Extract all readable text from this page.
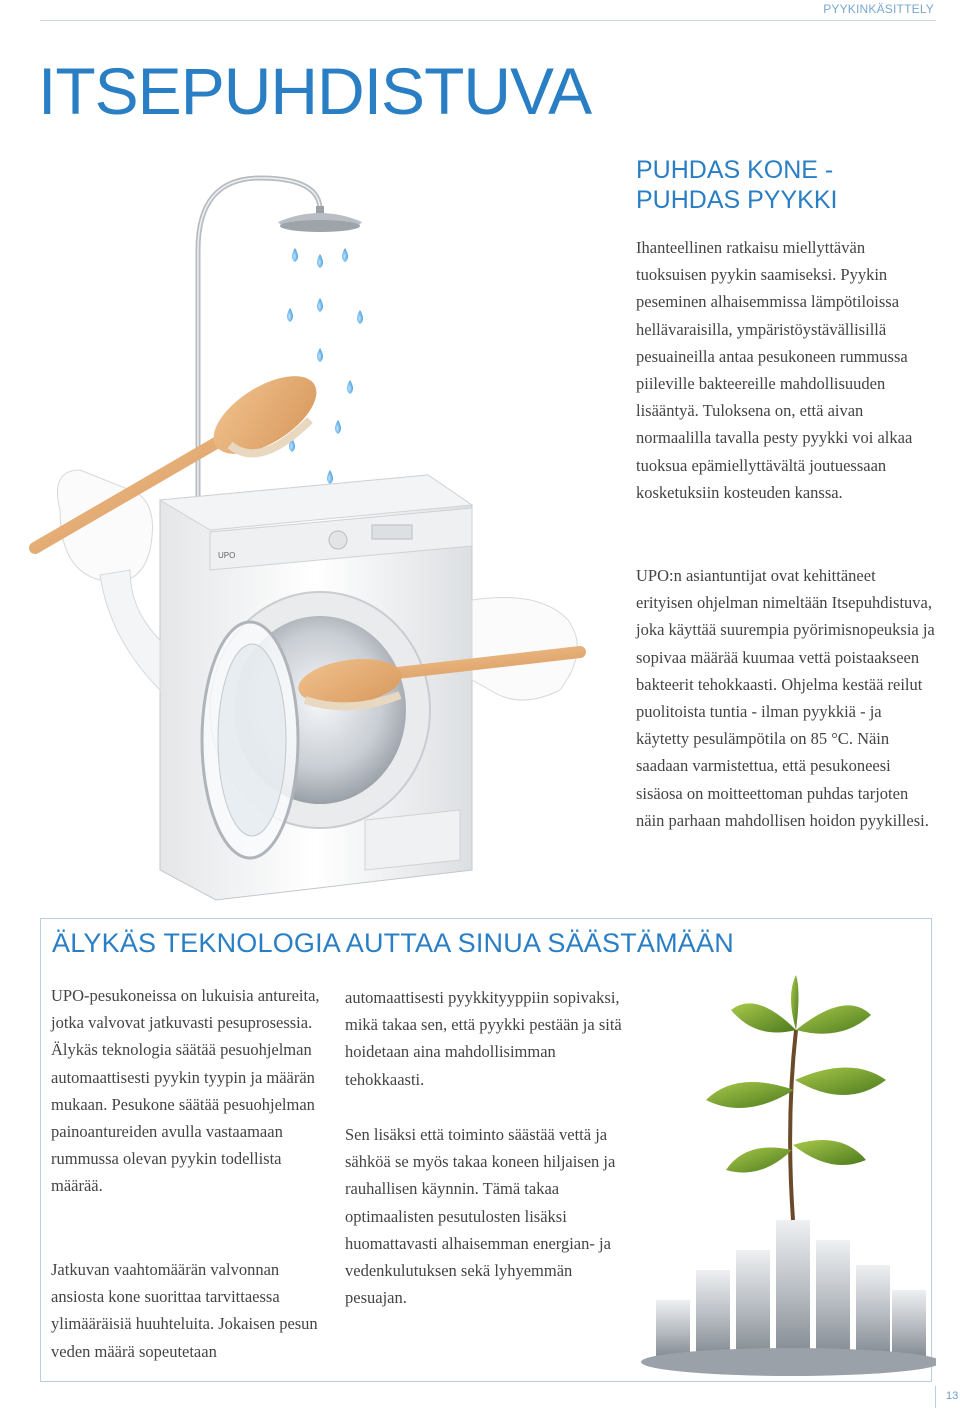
PYYKINKÄSITTELY
ITSEPUHDISTUVA
UPO
PUHDAS KONE -
PUHDAS PYYKKI

Ihanteellinen ratkaisu miellyttävän tuoksuisen pyykin saamiseksi. Pyykin peseminen alhaisemmissa lämpötiloissa hellävaraisilla, ympäristöystävällisillä pesuaineilla antaa pesukoneen rummussa piileville bakteereille mahdollisuuden lisääntyä. Tuloksena on, että aivan normaalilla tavalla pesty pyykki voi alkaa tuoksua epämiellyttävältä joutuessaan kosketuksiin kosteuden kanssa.

UPO:n asiantuntijat ovat kehittäneet erityisen ohjelman nimeltään Itsepuhdistuva, joka käyttää suurempia pyörimisnopeuksia ja sopivaa määrää kuumaa vettä poistaakseen bakteerit tehokkaasti. Ohjelma kestää reilut puolitoista tuntia - ilman pyykkiä - ja käytetty pesulämpötila on 85 °C. Näin saadaan varmistettua, että pesukoneesi sisäosa on moitteettoman puhdas tarjoten näin parhaan mahdollisen hoidon pyykillesi.

ÄLYKÄS TEKNOLOGIA AUTTAA SINUA SÄÄSTÄMÄÄN

UPO-pesukoneissa on lukuisia antureita, jotka valvovat jatkuvasti pesuprosessia. Älykäs teknologia säätää pesuohjelman automaattisesti pyykin tyypin ja määrän mukaan. Pesukone säätää pesuohjelman painoantureiden avulla vastaamaan rummussa olevan pyykin todellista määrää.

Jatkuvan vaahtomäärän valvonnan ansiosta kone suorittaa tarvittaessa ylimääräisiä huuhteluita. Jokaisen pesun veden määrä sopeutetaan

automaattisesti pyykkityyppiin sopivaksi, mikä takaa sen, että pyykki pestään ja sitä hoidetaan aina mahdollisimman tehokkaasti.

Sen lisäksi että toiminto säästää vettä ja sähköä se myös takaa koneen hiljaisen ja rauhallisen käynnin. Tämä takaa optimaalisten pesutulosten lisäksi huomattavasti alhaisemman energian- ja vedenkulutuksen sekä lyhyemmän pesuajan.

13
